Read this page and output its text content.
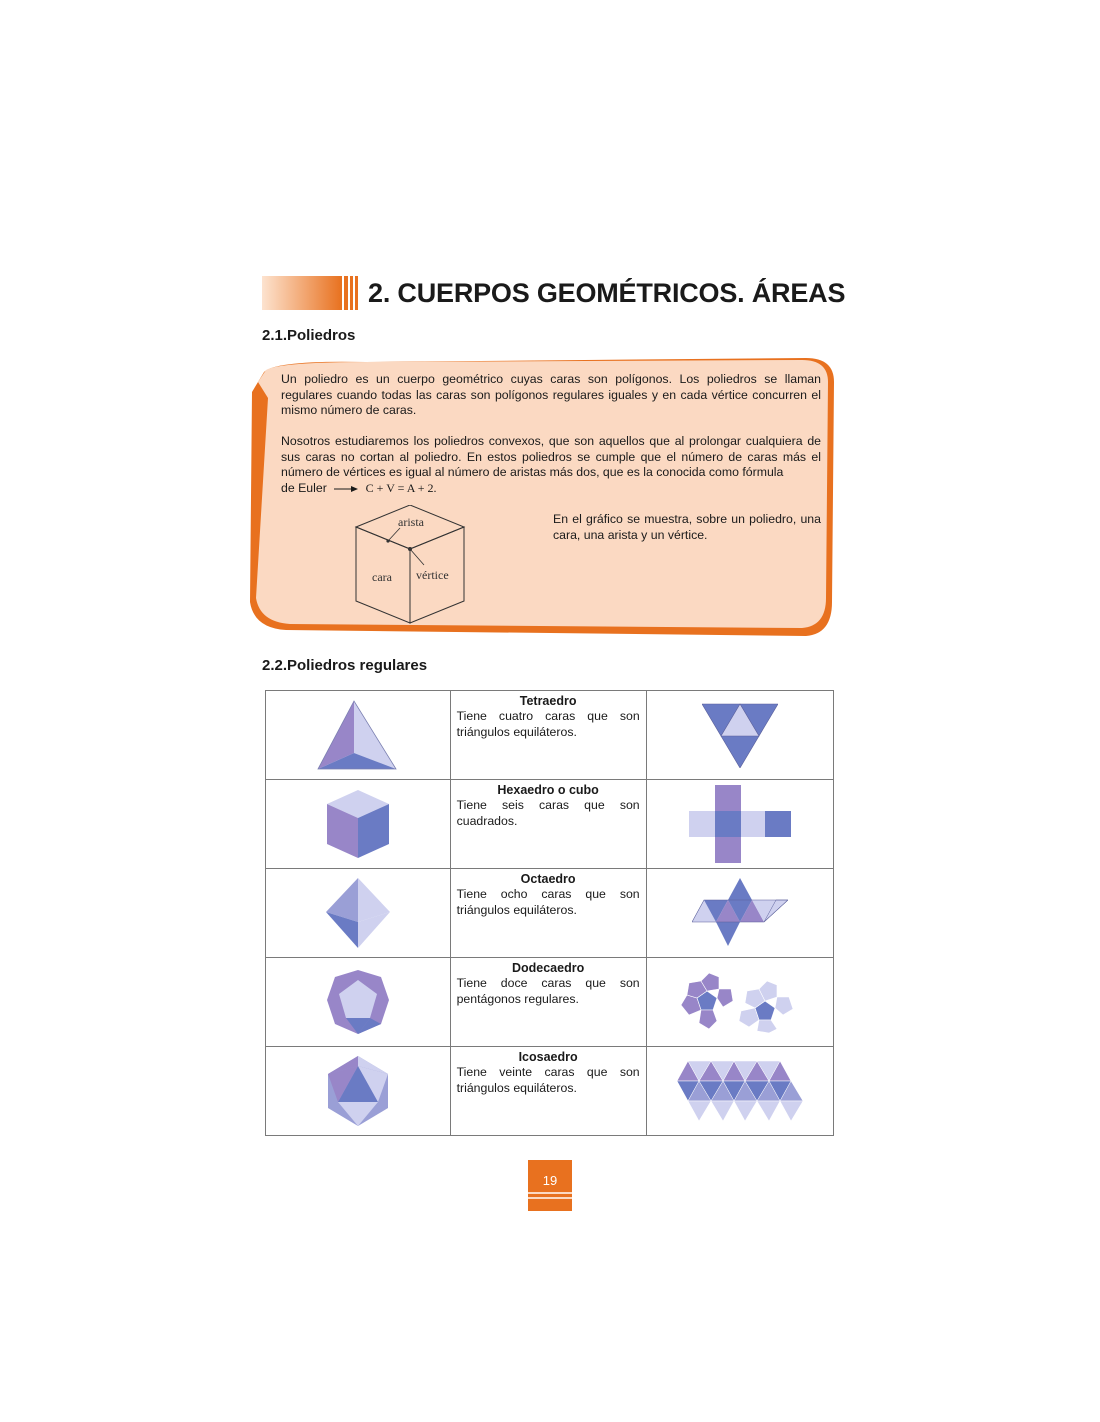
2. CUERPOS GEOMÉTRICOS. ÁREAS
2.1.Poliedros
Un poliedro es un cuerpo geométrico cuyas caras son polígonos. Los poliedros se llaman regulares cuando todas las caras son polígonos regulares iguales y en cada vértice concurren el mismo número de caras.
Nosotros estudiaremos los poliedros convexos, que son aquellos que al prolongar cualquiera de sus caras no cortan al poliedro. En estos poliedros se cumple que el número de caras más el número de vértices es igual al número de aristas más dos, que es la conocida como fórmula
de Euler	C + V = A + 2.
arista
cara vértice
En el gráfico se muestra, sobre un poliedro, una cara, una arista y un vértice.
2.2.Poliedros regulares

Tetraedro
Tiene cuatro caras que son triángulos equiláteros.

Hexaedro o cubo
Tiene seis caras que son cuadrados.

Octaedro
Tiene ocho caras que son triángulos equiláteros.

Dodecaedro
Tiene doce caras que son pentágonos regulares.

Icosaedro
Tiene veinte caras que son triángulos equiláteros.

19
